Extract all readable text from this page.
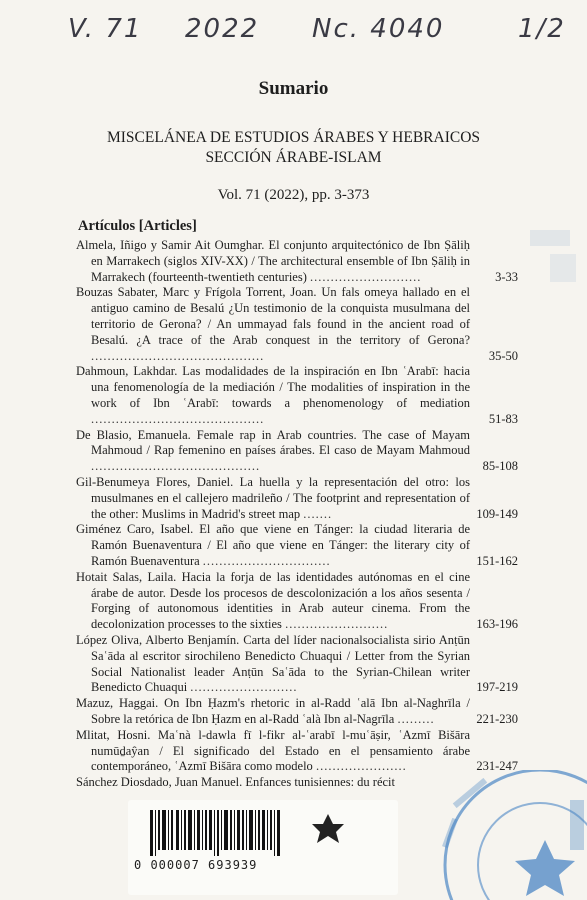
V. 71 2022 Nc. 4040	1/2
Sumario
MISCELÁNEA DE ESTUDIOS ÁRABES Y HEBRAICOS
SECCIÓN ÁRABE-ISLAM
Vol. 71 (2022), pp. 3-373
Artículos [Articles]
Almela, Iñigo y Samir Ait Oumghar. El conjunto arquitectónico de Ibn Ṣāliḥ en Marrakech (siglos XIV-XX) / The architectural ensemble of Ibn Ṣāliḥ in Marrakech (fourteenth-twentieth centuries) ...........................	3-33
Bouzas Sabater, Marc y Frígola Torrent, Joan. Un fals omeya hallado en el antiguo camino de Besalú ¿Un testimonio de la conquista musulmana del territorio de Gerona? / An ummayad fals found in the ancient road of Besalú. ¿A trace of the Arab conquest in the territory of Gerona? ..........................................	35-50
Dahmoun, Lakhdar. Las modalidades de la inspiración en Ibn ʿArabī: hacia una fenomenología de la mediación / The modalities of inspiration in the work of Ibn ʿArabī: towards a phenomenology of mediation ..........................................	51-83
De Blasio, Emanuela. Female rap in Arab countries. The case of Mayam Mahmoud / Rap femenino en países árabes. El caso de Mayam Mahmoud .........................................	85-108
Gil-Benumeya Flores, Daniel. La huella y la representación del otro: los musulmanes en el callejero madrileño / The footprint and representation of the other: Muslims in Madrid's street map .......	109-149
Giménez Caro, Isabel. El año que viene en Tánger: la ciudad literaria de Ramón Buenaventura / El año que viene en Tánger: the literary city of Ramón Buenaventura ...............................	151-162
Hotait Salas, Laila. Hacia la forja de las identidades autónomas en el cine árabe de autor. Desde los procesos de descolonización a los años sesenta / Forging of autonomous identities in Arab auteur cinema. From the decolonization processes to the sixties .........................	163-196
López Oliva, Alberto Benjamín. Carta del líder nacionalsocialista sirio Anṭūn Saʿāda al escritor sirochileno Benedicto Chuaqui / Letter from the Syrian Social Nationalist leader Anṭūn Saʿāda to the Syrian-Chilean writer Benedicto Chuaqui ..........................	197-219
Mazuz, Haggai. On Ibn Ḥazm's rhetoric in al-Radd ʿalā Ibn al-Naghrīla / Sobre la retórica de Ibn Ḥazm en al-Radd ʿalà Ibn al-Nagrīla .........	221-230
Mlitat, Hosni. Maʿnà l-dawla fī l-fikr al-ʿarabī l-muʿāṣir, ʿAzmī Bišāra numūḏaŷan / El significado del Estado en el pensamiento árabe contemporáneo, ʿAzmī Bišāra como modelo ......................	231-247
Sánchez Diosdado, Juan Manuel. Enfances tunisiennes: du récit
0 000007 693939
